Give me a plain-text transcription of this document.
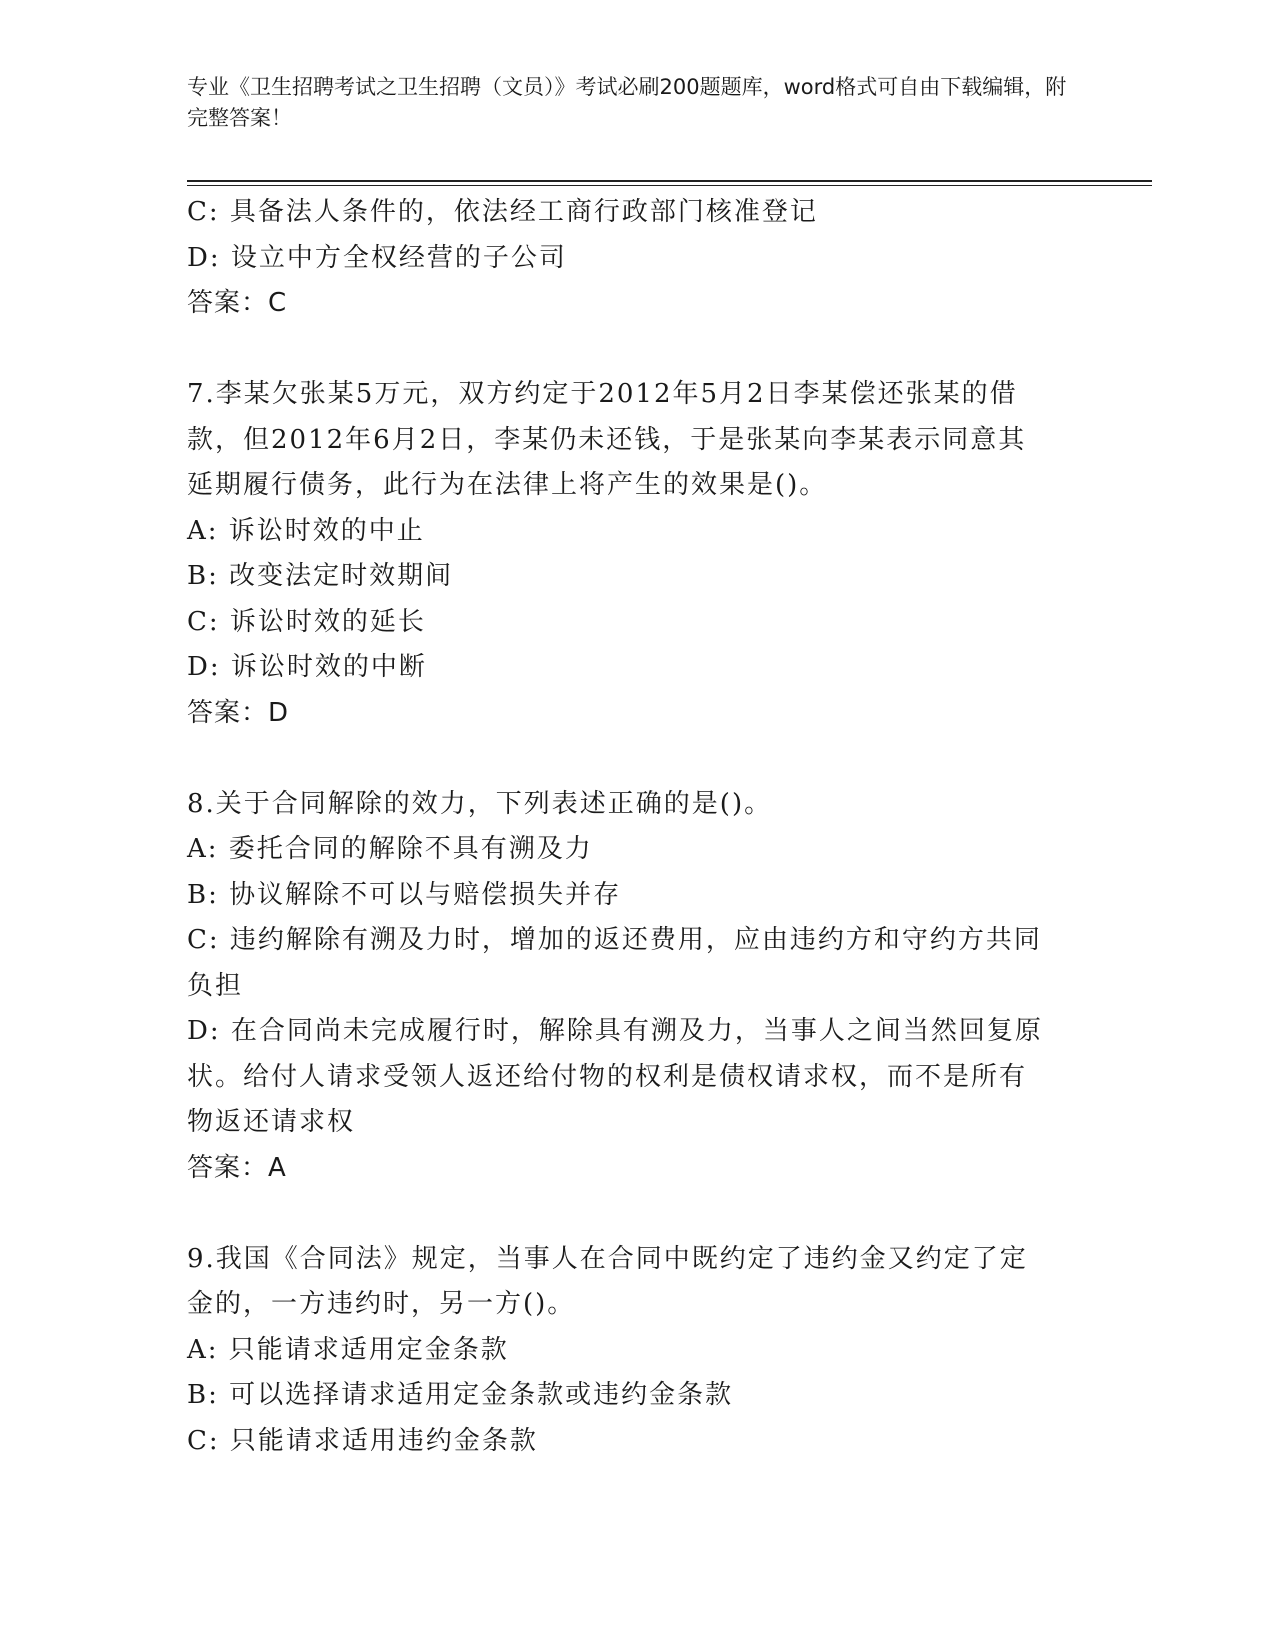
专业《卫生招聘考试之卫生招聘（文员）》考试必刷200题题库，word格式可自由下载编辑，附完整答案！

C: 具备法人条件的，依法经工商行政部门核准登记

D: 设立中方全权经营的子公司

答案：C

7.李某欠张某5万元，双方约定于2012年5月2日李某偿还张某的借

款，但2012年6月2日，李某仍未还钱，于是张某向李某表示同意其

延期履行债务，此行为在法律上将产生的效果是()。

A: 诉讼时效的中止

B: 改变法定时效期间

C: 诉讼时效的延长

D: 诉讼时效的中断

答案：D

8.关于合同解除的效力，下列表述正确的是()。

A: 委托合同的解除不具有溯及力

B: 协议解除不可以与赔偿损失并存

C: 违约解除有溯及力时，增加的返还费用，应由违约方和守约方共同

负担

D: 在合同尚未完成履行时，解除具有溯及力，当事人之间当然回复原

状。给付人请求受领人返还给付物的权利是债权请求权，而不是所有

物返还请求权

答案：A

9.我国《合同法》规定，当事人在合同中既约定了违约金又约定了定

金的，一方违约时，另一方()。

A: 只能请求适用定金条款

B: 可以选择请求适用定金条款或违约金条款

C: 只能请求适用违约金条款
